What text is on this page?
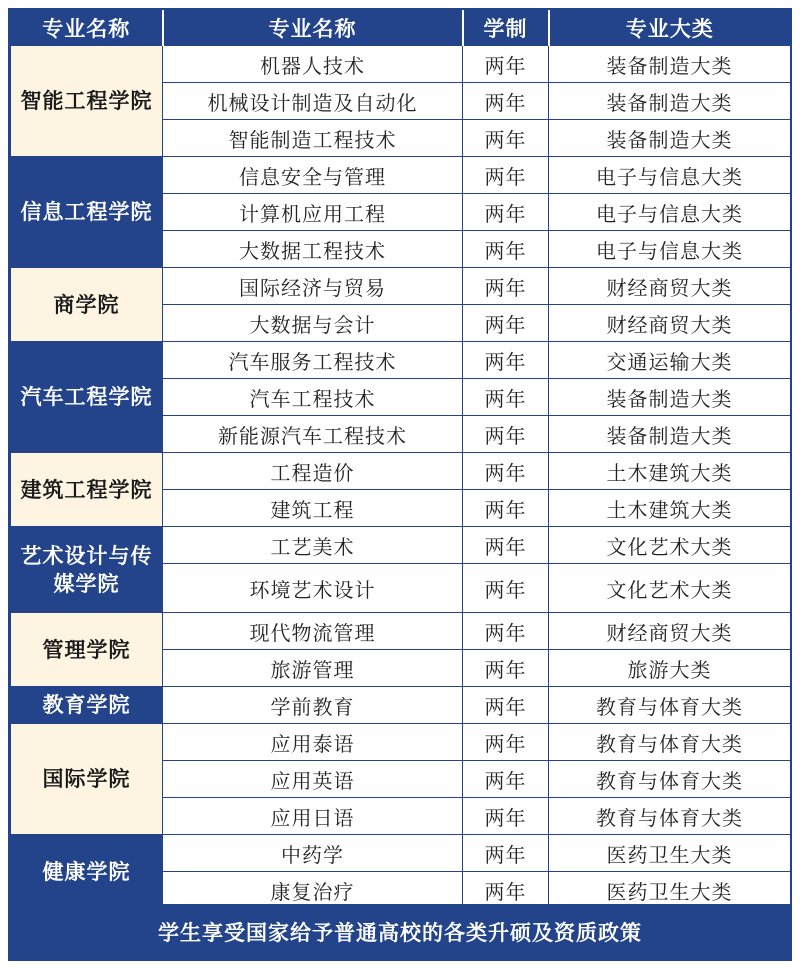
专业名称	专业名称	学制	专业大类
智能工程学院	机器人技术	两年	装备制造大类
	机械设计制造及自动化	两年	装备制造大类
	智能制造工程技术	两年	装备制造大类
信息工程学院	信息安全与管理	两年	电子与信息大类
	计算机应用工程	两年	电子与信息大类
	大数据工程技术	两年	电子与信息大类
商学院	国际经济与贸易	两年	财经商贸大类
	大数据与会计	两年	财经商贸大类
汽车工程学院	汽车服务工程技术	两年	交通运输大类
	汽车工程技术	两年	装备制造大类
	新能源汽车工程技术	两年	装备制造大类
建筑工程学院	工程造价	两年	土木建筑大类
	建筑工程	两年	土木建筑大类
艺术设计与传媒学院	工艺美术	两年	文化艺术大类
	环境艺术设计	两年	文化艺术大类
管理学院	现代物流管理	两年	财经商贸大类
	旅游管理	两年	旅游大类
教育学院	学前教育	两年	教育与体育大类
国际学院	应用泰语	两年	教育与体育大类
	应用英语	两年	教育与体育大类
	应用日语	两年	教育与体育大类
健康学院	中药学	两年	医药卫生大类
	康复治疗	两年	医药卫生大类
学生享受国家给予普通高校的各类升硕及资质政策
